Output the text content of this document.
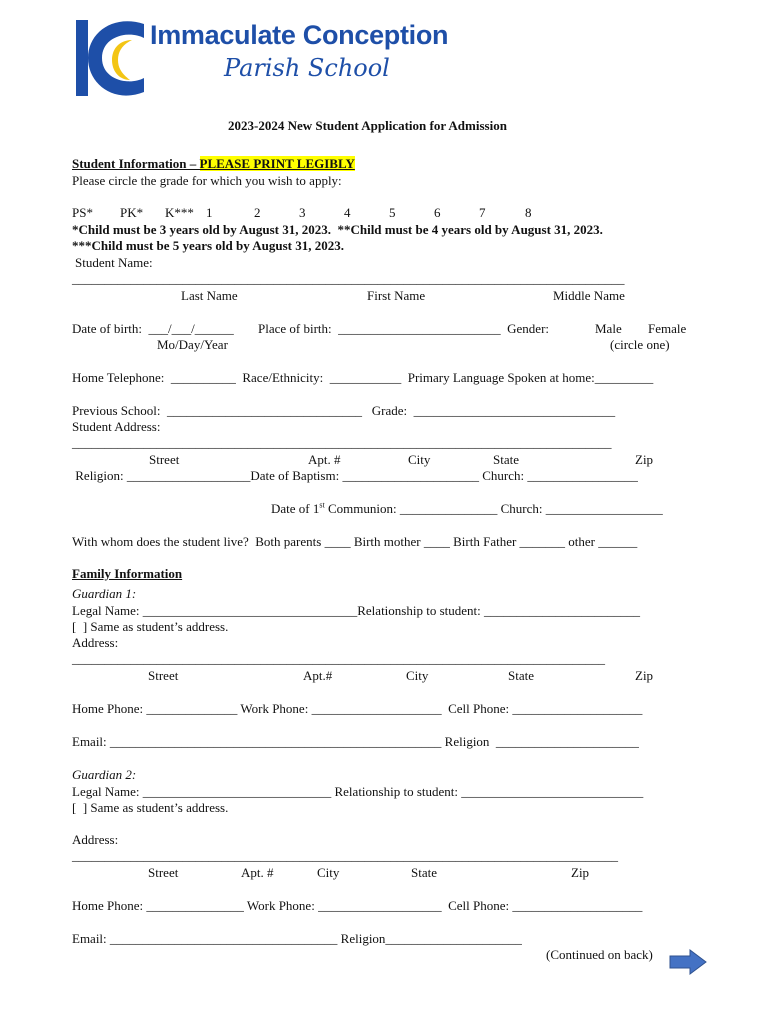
Immaculate Conception
Parish School
2023-2024 New Student Application for Admission
Student Information – PLEASE PRINT LEGIBLY
Please circle the grade for which you wish to apply:
PS* PK* K*** 1	2	3	4	5	6	7	8
*Child must be 3 years old by August 31, 2023.  **Child must be 4 years old by August 31, 2023.
***Child must be 5 years old by August 31, 2023.
Student Name:
_____________________________________________________________________________________
Last Name	First Name	Middle Name
Date of birth:  ___/___/______
Mo/Day/Year
Place of birth:  _________________________  Gender:	Male Female
(circle one)
Home Telephone:  __________  Race/Ethnicity:  ___________  Primary Language Spoken at home:_________
Previous School:  ______________________________   Grade:  _______________________________
Student Address:
___________________________________________________________________________________
Street	Apt. #	City	State	Zip
Religion: ___________________Date of Baptism: _____________________ Church: _________________
Date of 1st Communion: _______________ Church: __________________
With whom does the student live?  Both parents ____ Birth mother ____ Birth Father _______ other ______
Family Information
Guardian 1:
Legal Name: _________________________________Relationship to student: ________________________
[  ] Same as student’s address.
Address:
__________________________________________________________________________________
Street	Apt.#	City	State	Zip
Home Phone: ______________ Work Phone: ____________________  Cell Phone: ____________________
Email: ___________________________________________________ Religion  ______________________
Guardian 2:
Legal Name: _____________________________ Relationship to student: ____________________________
[  ] Same as student’s address.
Address:
____________________________________________________________________________________
Street	Apt. #	City	State	Zip
Home Phone: _______________ Work Phone: ___________________  Cell Phone: ____________________
Email: ___________________________________ Religion_____________________
(Continued on back)
